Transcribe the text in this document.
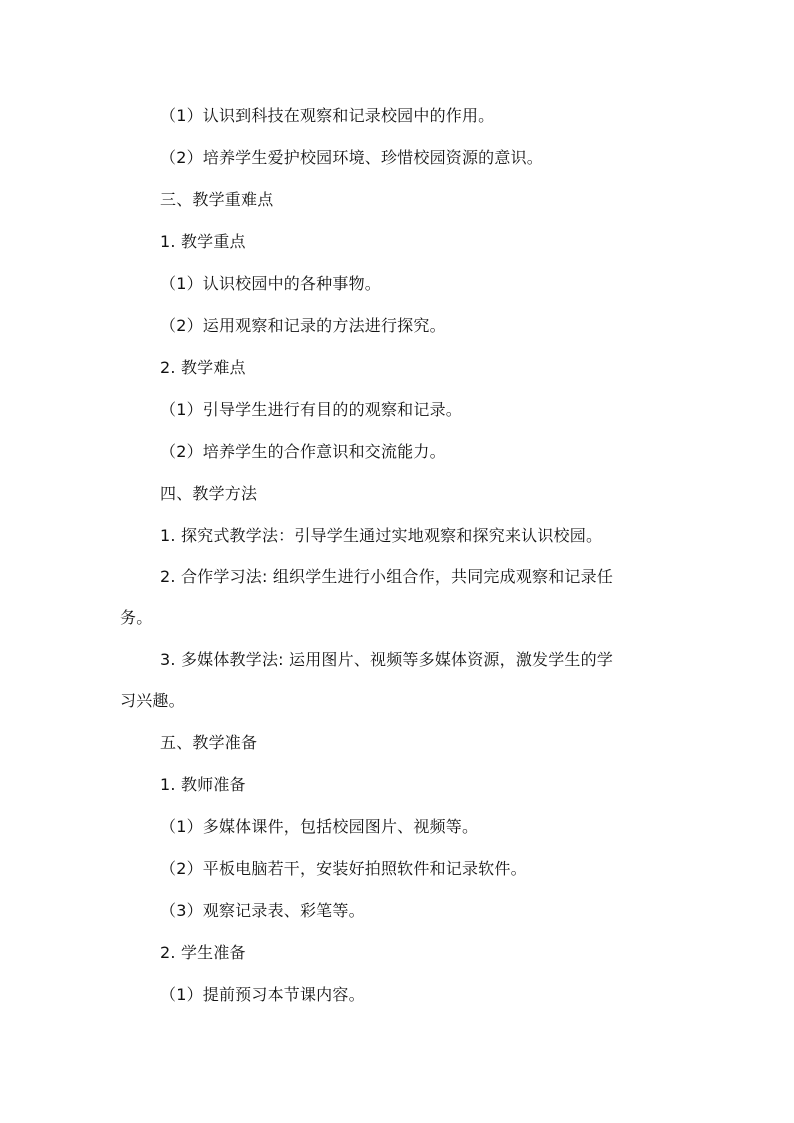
（1）认识到科技在观察和记录校园中的作用。
（2）培养学生爱护校园环境、珍惜校园资源的意识。
三、教学重难点
1. 教学重点
（1）认识校园中的各种事物。
（2）运用观察和记录的方法进行探究。
2. 教学难点
（1）引导学生进行有目的的观察和记录。
（2）培养学生的合作意识和交流能力。
四、教学方法
1. 探究式教学法：引导学生通过实地观察和探究来认识校园。
2. 合作学习法: 组织学生进行小组合作，共同完成观察和记录任
务。
3. 多媒体教学法: 运用图片、视频等多媒体资源，激发学生的学
习兴趣。
五、教学准备
1. 教师准备
（1）多媒体课件，包括校园图片、视频等。
（2）平板电脑若干，安装好拍照软件和记录软件。
（3）观察记录表、彩笔等。
2. 学生准备
（1）提前预习本节课内容。
